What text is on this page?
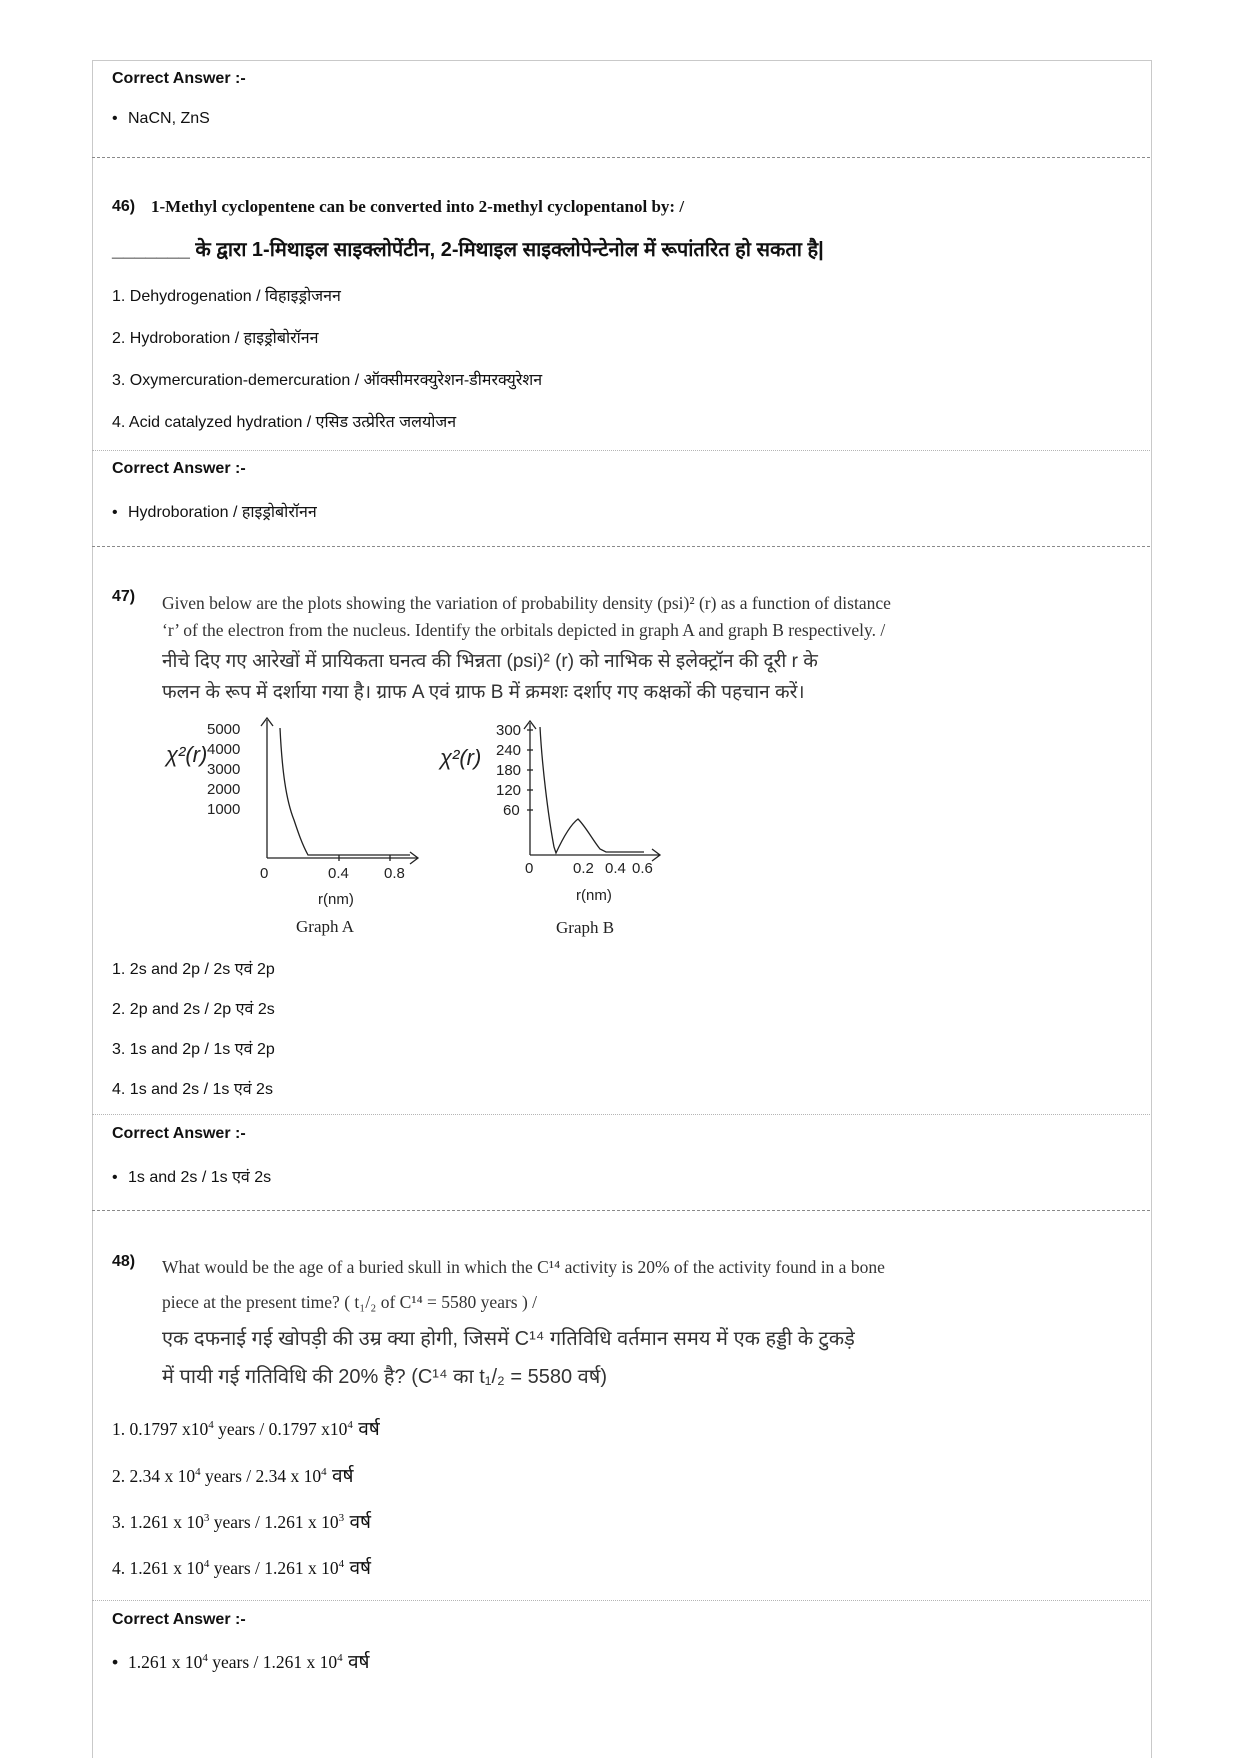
Correct Answer :-
• NaCN, ZnS
46) 1-Methyl cyclopentene can be converted into 2-methyl cyclopentanol by: /
_______ के द्वारा 1-मिथाइल साइक्लोपेंटीन, 2-मिथाइल साइक्लोपेन्टेनोल में रूपांतरित हो सकता है|
1. Dehydrogenation / विहाइड्रोजनन
2. Hydroboration / हाइड्रोबोरॉनन
3. Oxymercuration-demercuration / ऑक्सीमरक्युरेशन-डीमरक्युरेशन
4. Acid catalyzed hydration / एसिड उत्प्रेरित जलयोजन
Correct Answer :-
• Hydroboration / हाइड्रोबोरॉनन
47) Given below are the plots showing the variation of probability density (psi)² (r) as a function of distance
‘r’ of the electron from the nucleus. Identify the orbitals depicted in graph A and graph B respectively. /
नीचे दिए गए आरेखों में प्रायिकता घनत्व की भिन्नता (psi)² (r) को नाभिक से इलेक्ट्रॉन की दूरी r के
फलन के रूप में दर्शाया गया है। ग्राफ A एवं ग्राफ B में क्रमशः दर्शाए गए कक्षकों की पहचान करें।
χ²(r)
5000
4000
3000
2000
1000
0	0.4 0.8
r(nm)
Graph A
χ²(r)
300
240
180
120
60
0	0.2 0.4 0.6
r(nm)
Graph B
1. 2s and 2p / 2s एवं 2p
2. 2p and 2s / 2p एवं 2s
3. 1s and 2p / 1s एवं 2p
4. 1s and 2s / 1s एवं 2s
Correct Answer :-
• 1s and 2s / 1s एवं 2s
48) What would be the age of a buried skull in which the C¹⁴ activity is 20% of the activity found in a bone
piece at the present time? ( t₁/₂ of C¹⁴ = 5580 years ) /
एक दफनाई गई खोपड़ी की उम्र क्या होगी, जिसमें C¹⁴ गतिविधि वर्तमान समय में एक हड्डी के टुकड़े
में पायी गई गतिविधि की 20% है? (C¹⁴ का t₁/₂ = 5580 वर्ष)
1. 0.1797 $x10^4$ years / 0.1797 $x10^4$ वर्ष
2. 2.34 x $10^4$ years / 2.34 x $10^4$ वर्ष
3. 1.261 x $10^3$ years / 1.261 x $10^3$ वर्ष
4. 1.261 x $10^4$ years / 1.261 x $10^4$ वर्ष
Correct Answer :-
• 1.261 x $10^4$ years / 1.261 x $10^4$ वर्ष
